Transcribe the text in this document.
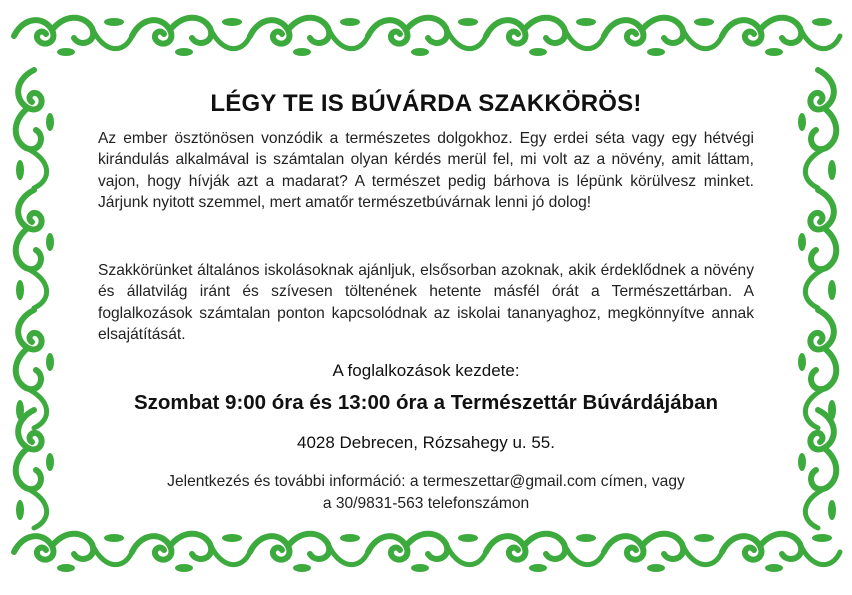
LÉGY TE IS BÚVÁRDA SZAKKÖRÖS!

Az ember ösztönösen vonzódik a természetes dolgokhoz. Egy erdei séta vagy egy hétvégi kirándulás alkalmával is számtalan olyan kérdés merül fel, mi volt az a növény, amit láttam, vajon, hogy hívják azt a madarat? A természet pedig bárhova is lépünk körülvesz minket. Járjunk nyitott szemmel, mert amatőr természetbúvárnak lenni jó dolog!

Szakkörünket általános iskolásoknak ajánljuk, elsősorban azoknak, akik érdeklődnek a növény és állatvilág iránt és szívesen töltenének hetente másfél órát a Természettárban. A foglalkozások számtalan ponton kapcsolódnak az iskolai tananyaghoz, megkönnyítve annak elsajátítását.

A foglalkozások kezdete:
Szombat 9:00 óra és 13:00 óra a Természettár Búvárdájában
4028 Debrecen, Rózsahegy u. 55.
Jelentkezés és további információ: a termeszettar@gmail.com címen, vagy
a 30/9831-563 telefonszámon
